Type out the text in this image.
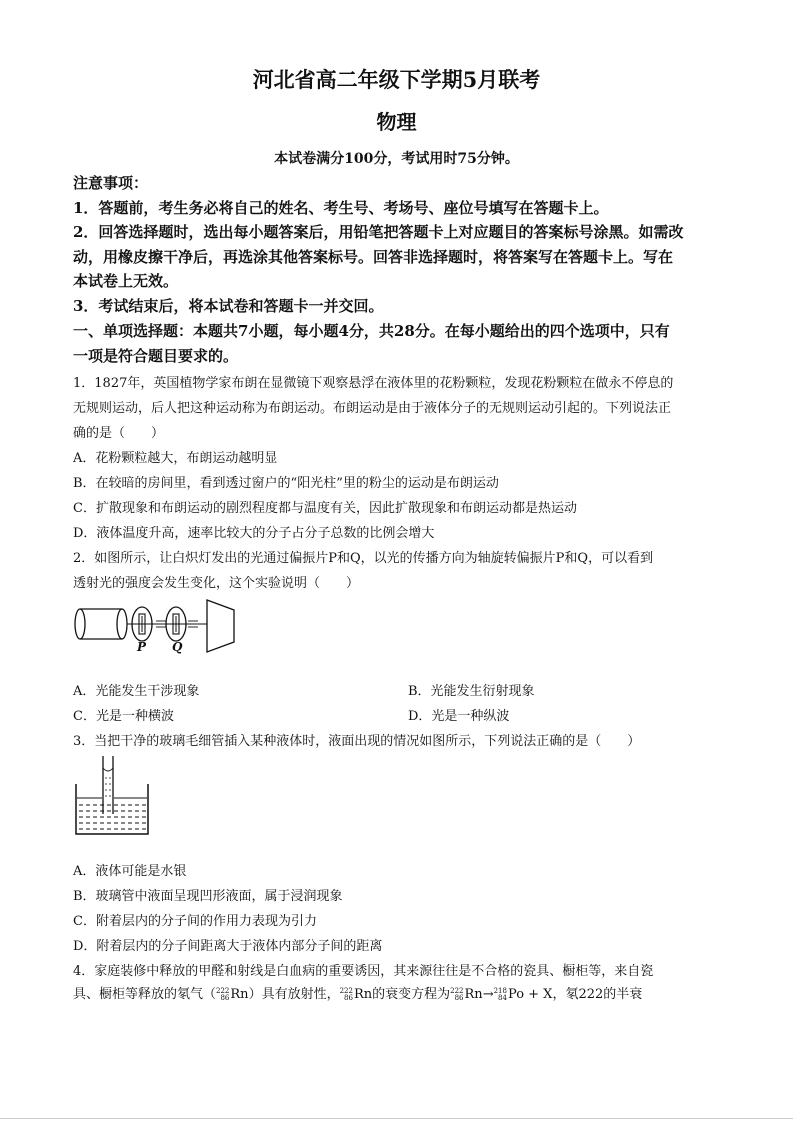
河北省高二年级下学期5月联考
物理
本试卷满分100分，考试用时75分钟。
注意事项：
1．答题前，考生务必将自己的姓名、考生号、考场号、座位号填写在答题卡上。
2．回答选择题时，选出每小题答案后，用铅笔把答题卡上对应题目的答案标号涂黑。如需改
动，用橡皮擦干净后，再选涂其他答案标号。回答非选择题时，将答案写在答题卡上。写在
本试卷上无效。
3．考试结束后，将本试卷和答题卡一并交回。
一、单项选择题：本题共7小题，每小题4分，共28分。在每小题给出的四个选项中，只有
一项是符合题目要求的。
1．1827年，英国植物学家布朗在显微镜下观察悬浮在液体里的花粉颗粒，发现花粉颗粒在做永不停息的
无规则运动，后人把这种运动称为布朗运动。布朗运动是由于液体分子的无规则运动引起的。下列说法正
确的是（　　）
A．花粉颗粒越大，布朗运动越明显
B．在较暗的房间里，看到透过窗户的“阳光柱”里的粉尘的运动是布朗运动
C．扩散现象和布朗运动的剧烈程度都与温度有关，因此扩散现象和布朗运动都是热运动
D．液体温度升高，速率比较大的分子占分子总数的比例会增大
2．如图所示，让白炽灯发出的光通过偏振片P和Q，以光的传播方向为轴旋转偏振片P和Q，可以看到
透射光的强度会发生变化，这个实验说明（　　）
P Q
A．光能发生干涉现象	B．光能发生衍射现象
C．光是一种横波	D．光是一种纵波
3．当把干净的玻璃毛细管插入某种液体时，液面出现的情况如图所示，下列说法正确的是（　　）
A．液体可能是水银
B．玻璃管中液面呈现凹形液面，属于浸润现象
C．附着层内的分子间的作用力表现为引力
D．附着层内的分子间距离大于液体内部分子间的距离
4．家庭装修中释放的甲醛和射线是白血病的重要诱因，其来源往往是不合格的瓷具、橱柜等，来自瓷
具、橱柜等释放的氡气（222
86Rn）具有放射性，222
86Rn的衰变方程为222
86Rn→218
84Po + X，氡222的半衰
